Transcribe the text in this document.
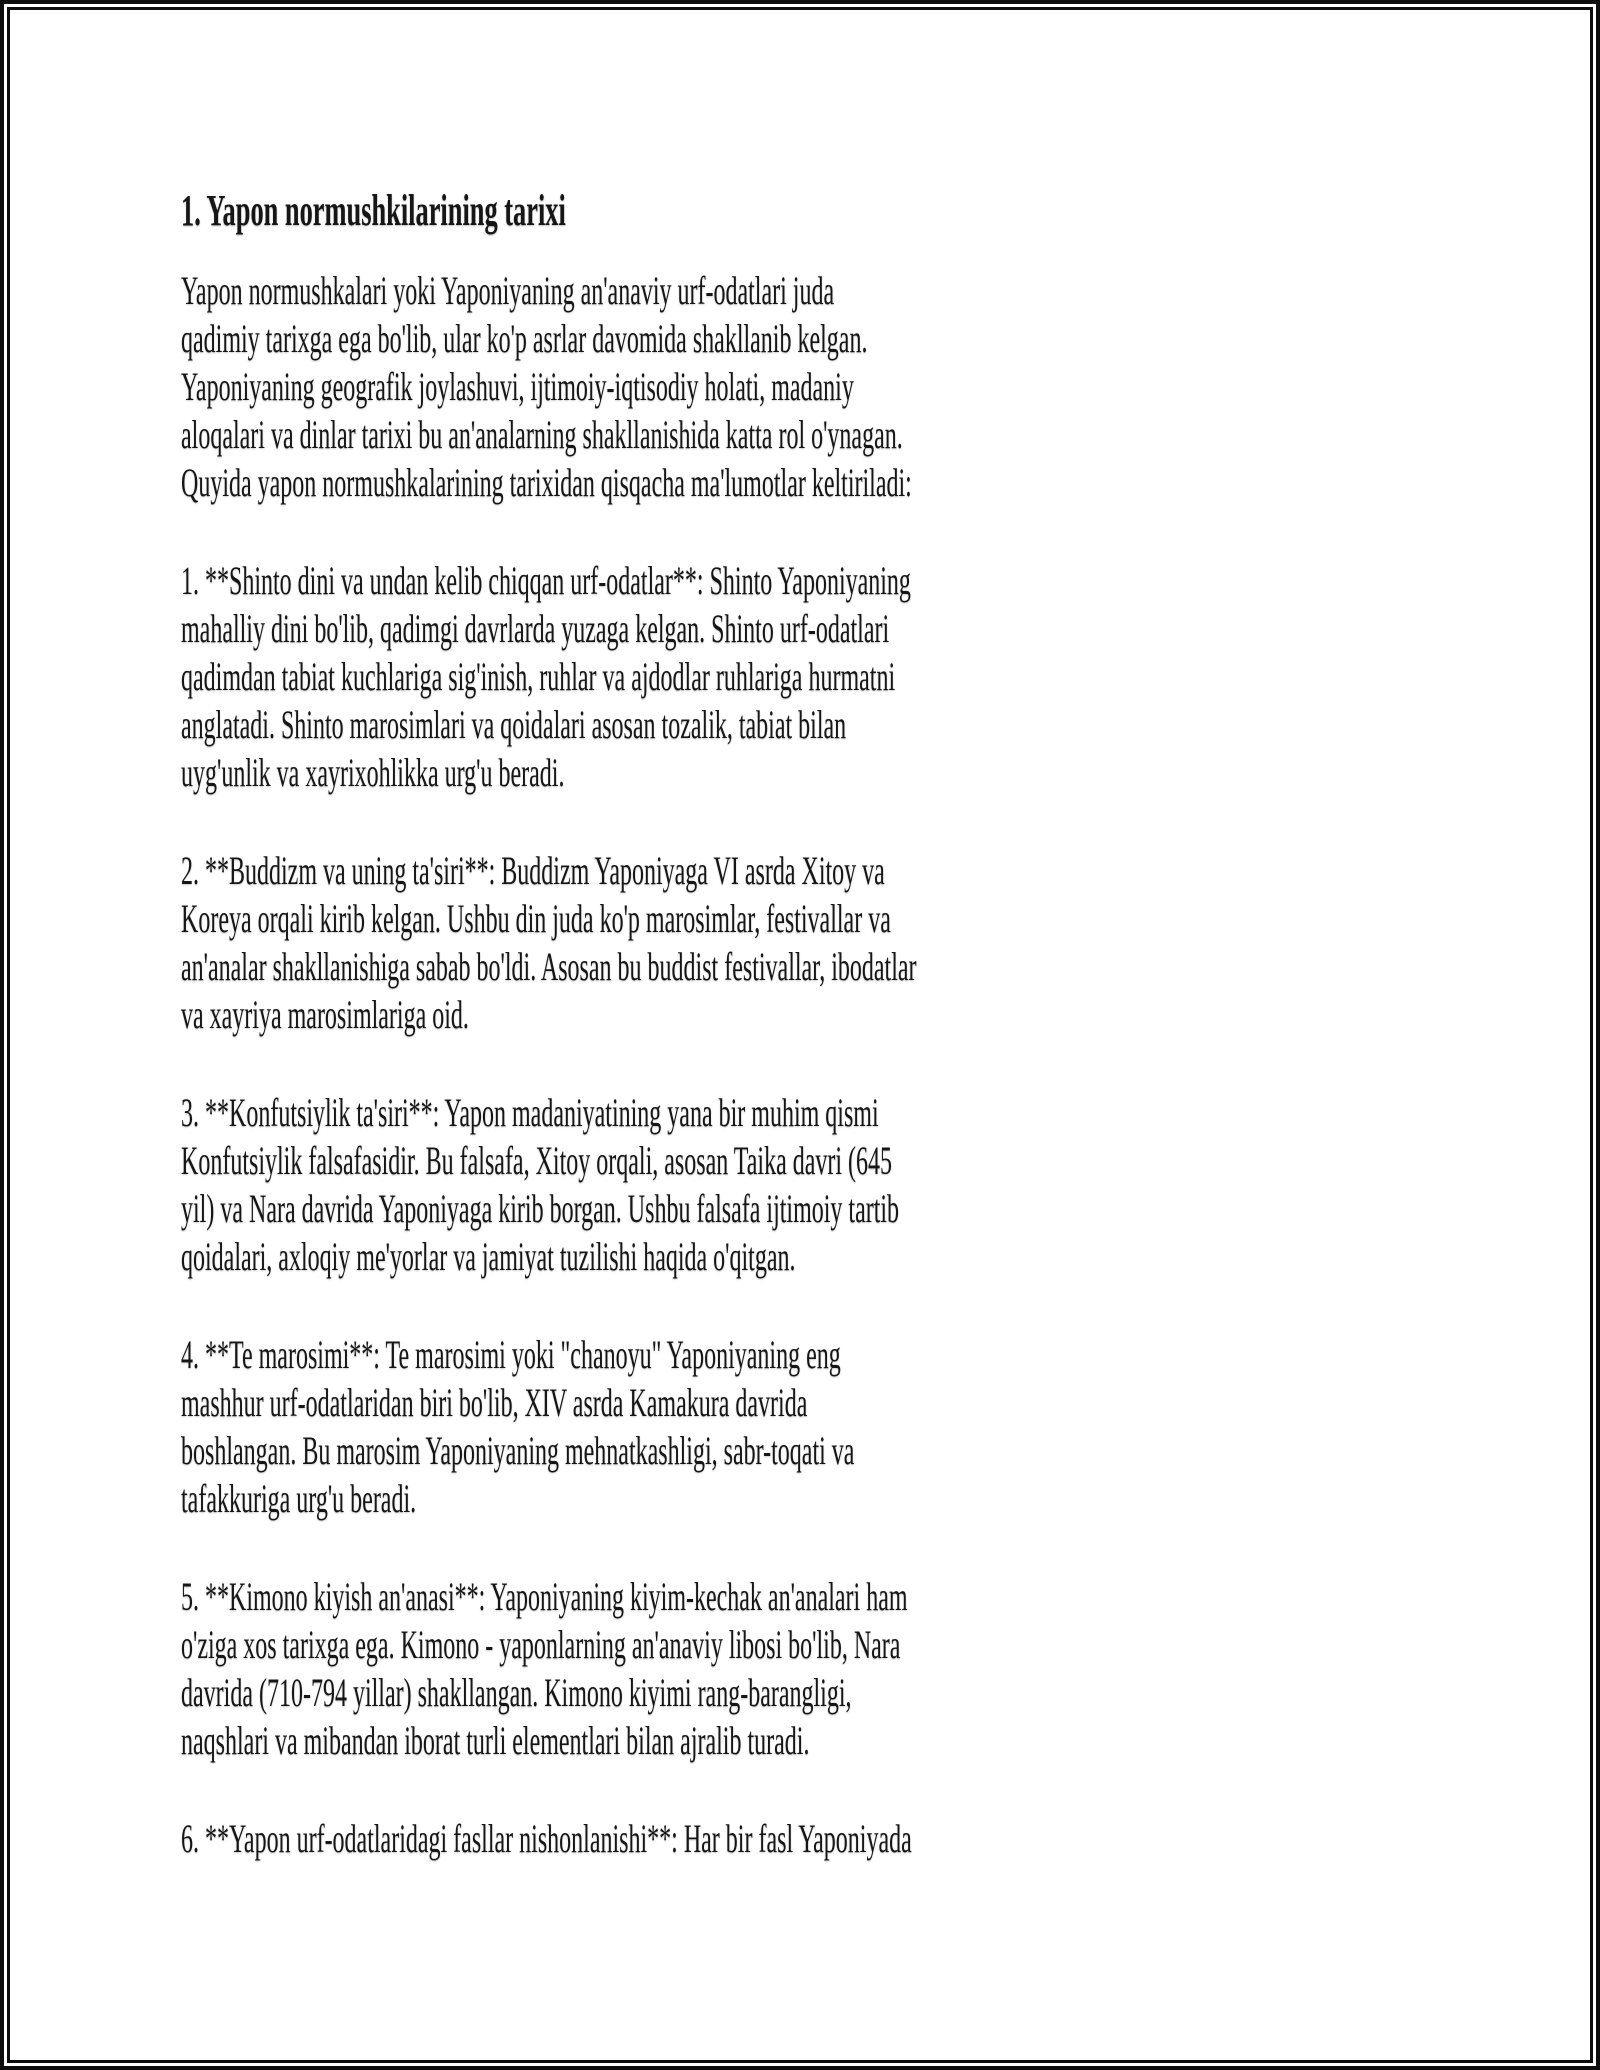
1. Yapon normushkilarining tarixi
Yapon normushkalari yoki Yaponiyaning an'anaviy urf-odatlari juda
qadimiy tarixga ega bo'lib, ular ko'p asrlar davomida shakllanib kelgan.
Yaponiyaning geografik joylashuvi, ijtimoiy-iqtisodiy holati, madaniy
aloqalari va dinlar tarixi bu an'analarning shakllanishida katta rol o'ynagan.
Quyida yapon normushkalarining tarixidan qisqacha ma'lumotlar keltiriladi:
1. **Shinto dini va undan kelib chiqqan urf-odatlar**: Shinto Yaponiyaning
mahalliy dini bo'lib, qadimgi davrlarda yuzaga kelgan. Shinto urf-odatlari
qadimdan tabiat kuchlariga sig'inish, ruhlar va ajdodlar ruhlariga hurmatni
anglatadi. Shinto marosimlari va qoidalari asosan tozalik, tabiat bilan
uyg'unlik va xayrixohlikka urg'u beradi.
2. **Buddizm va uning ta'siri**: Buddizm Yaponiyaga VI asrda Xitoy va
Koreya orqali kirib kelgan. Ushbu din juda ko'p marosimlar, festivallar va
an'analar shakllanishiga sabab bo'ldi. Asosan bu buddist festivallar, ibodatlar
va xayriya marosimlariga oid.
3. **Konfutsiylik ta'siri**: Yapon madaniyatining yana bir muhim qismi
Konfutsiylik falsafasidir. Bu falsafa, Xitoy orqali, asosan Taika davri (645
yil) va Nara davrida Yaponiyaga kirib borgan. Ushbu falsafa ijtimoiy tartib
qoidalari, axloqiy me'yorlar va jamiyat tuzilishi haqida o'qitgan.
4. **Te marosimi**: Te marosimi yoki "chanoyu" Yaponiyaning eng
mashhur urf-odatlaridan biri bo'lib, XIV asrda Kamakura davrida
boshlangan. Bu marosim Yaponiyaning mehnatkashligi, sabr-toqati va
tafakkuriga urg'u beradi.
5. **Kimono kiyish an'anasi**: Yaponiyaning kiyim-kechak an'analari ham
o'ziga xos tarixga ega. Kimono - yaponlarning an'anaviy libosi bo'lib, Nara
davrida (710-794 yillar) shakllangan. Kimono kiyimi rang-barangligi,
naqshlari va mibandan iborat turli elementlari bilan ajralib turadi.
6. **Yapon urf-odatlaridagi fasllar nishonlanishi**: Har bir fasl Yaponiyada
